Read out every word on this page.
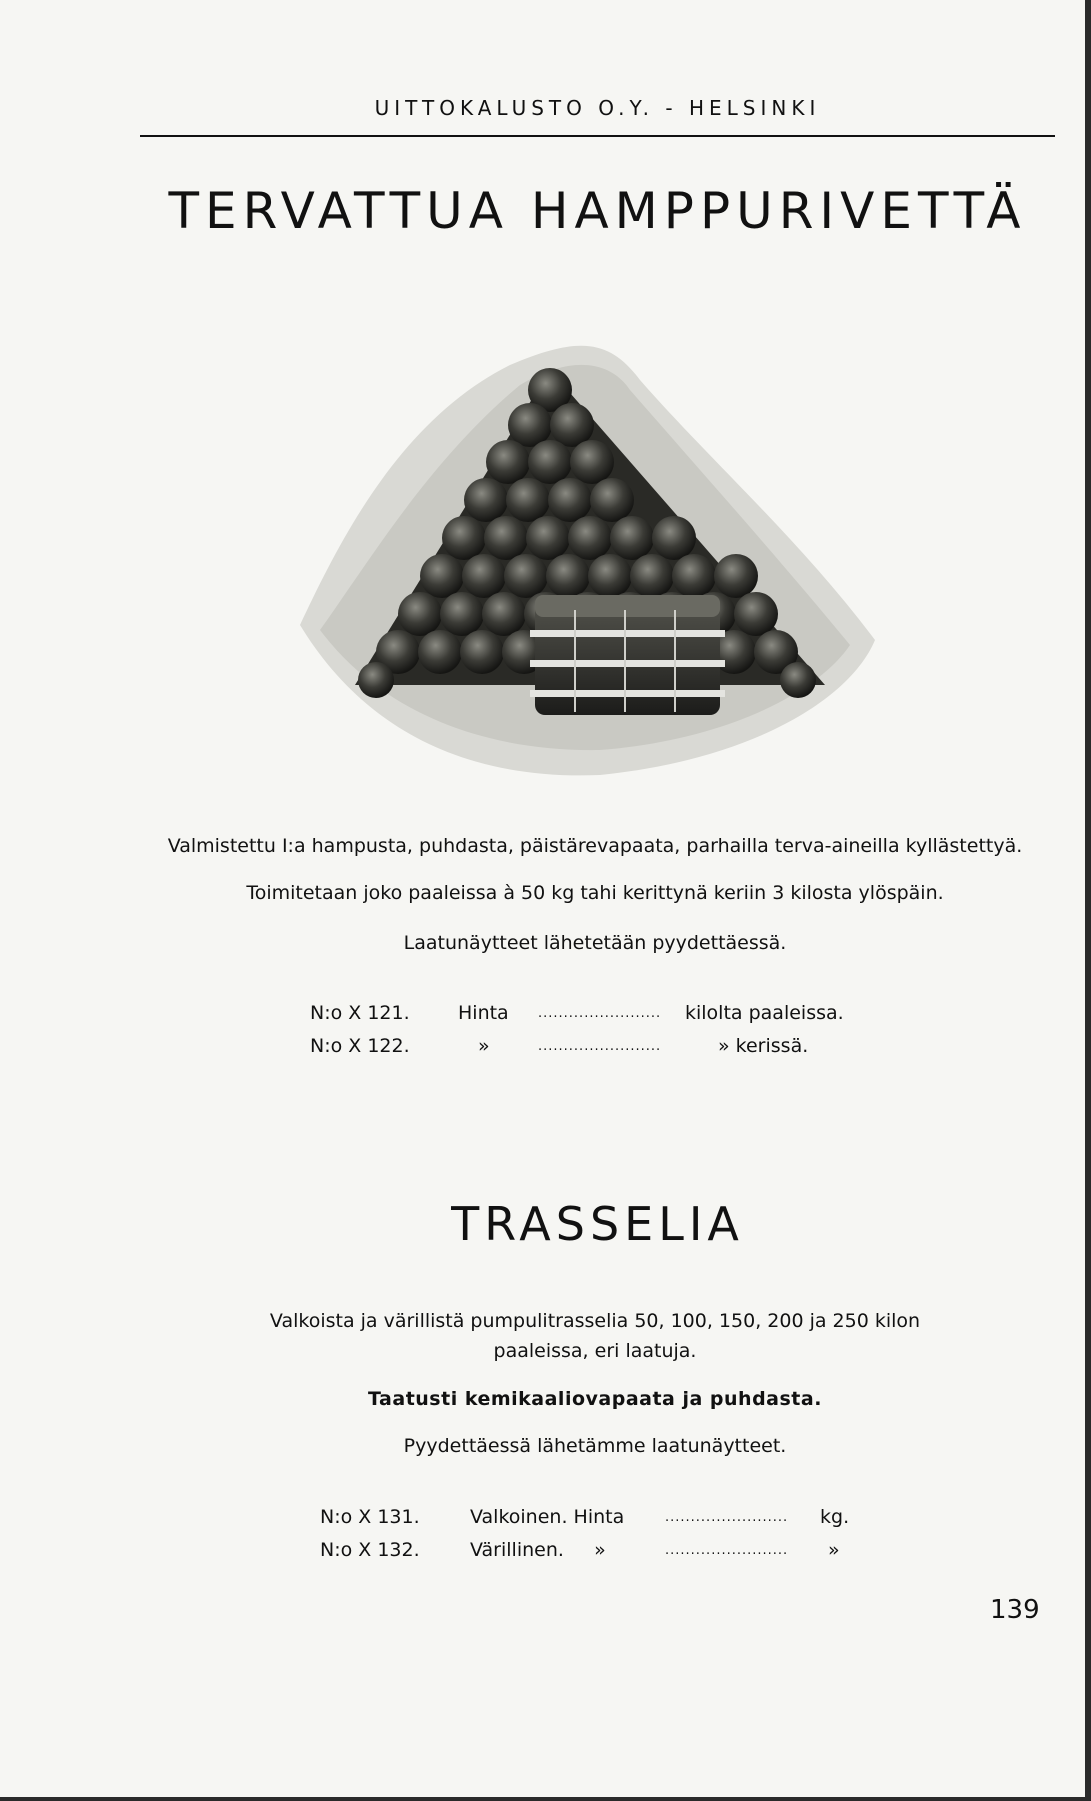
UITTOKALUSTO O.Y. - HELSINKI
TERVATTUA HAMPPURIVETTÄ
Valmistettu I:a hampusta, puhdasta, päistärevapaata, parhailla terva-aineilla kyllästettyä.
Toimitetaan joko paaleissa à 50 kg tahi kerittynä keriin 3 kilosta ylöspäin.
Laatunäytteet lähetetään pyydettäessä.
N:o X 121.	Hinta ........................ kilolta paaleissa.
N:o X 122.	»	........................	» kerissä.
TRASSELIA
Valkoista ja värillistä pumpulitrasselia 50, 100, 150, 200 ja 250 kilon
paaleissa, eri laatuja.
Taatusti kemikaaliovapaata ja puhdasta.
Pyydettäessä lähetämme laatunäytteet.
N:o X 131.	Valkoinen. Hinta	........................ kg.
N:o X 132.	Värillinen.     »	........................ »
139
